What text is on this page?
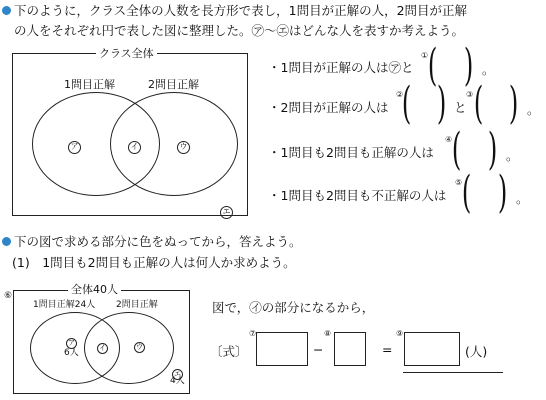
下のように，クラス全体の人数を長方形で表し，1問目が正解の人，2問目が正解
の人をそれぞれ円で表した図に整理した。㋐～㋓はどんな人を表すか考えよう。
クラス全体
1問目正解	2問目正解
ア	イ	ウ
エ
・1問目が正解の人は㋐と
① ( ) 。
・2問目が正解の人は
②
( ) と
③ ( ) 。
・1問目も2問目も正解の人は
④ ( ) 。
・1問目も2問目も不正解の人は
⑤ ( ) 。
下の図で求める部分に色をぬってから，答えよう。
(1)　1問目も2問目も正解の人は何人か求めよう。
⑥	全体40人
1問目正解24人 2問目正解
ア
6人	イ	ウ
エ
4人
図で，㋑の部分になるから，
〔式〕
⑦
−
⑧
=
⑨
(人)
